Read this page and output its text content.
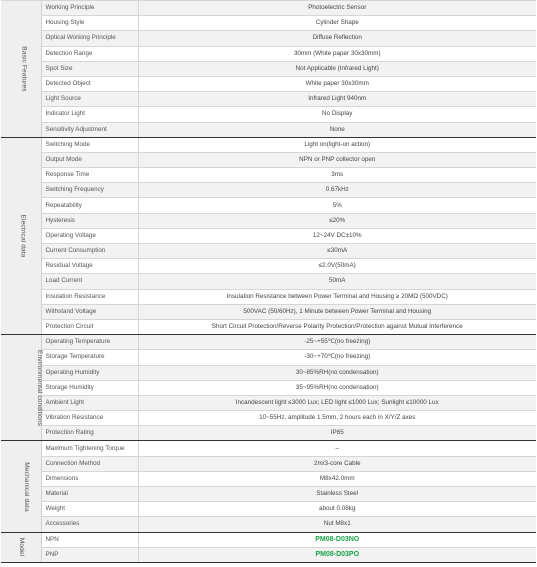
Basic Features	Working Principle	Photoelectric Sensor
	Housing Style	Cylinder Shape
	Optical Working Principle	Diffuse Reflection
	Detection Range	30mm (White paper 30x30mm)
	Spot Size	Not Applicable (Infrared Light)
	Detected Object	White paper 30x30mm
	Light Source	Infrared Light 940nm
	Indicator Light	No Display
	Sensitivity Adjustment	None
Electrical data	Switching Mode	Light on(light-on action)
	Output Mode	NPN or PNP collector open
	Response Time	3ms
	Switching Frequency	0.67kHz
	Repeatability	5%
	Hysteresis	≤20%
	Operating Voltage	12~24V DC±10%
	Current Consumption	≤30mA
	Residual Voltage	≤2.0V(50mA)
	Load Current	50mA
	Insulation Resistance	Insulation Resistance between Power Terminal and Housing ≥ 20MΩ (500VDC)
	Withstand Voltage	500VAC (50/60Hz), 1 Minute between Power Terminal and Housing
	Protection Circuit	Short Circuit Protection/Reverse Polarity Protection/Protection against Mutual Interference
Environmental conditions	Operating Temperature	-25~+55℃(no freezing)
	Storage Temperature	-30~+70℃(no freezing)
	Operating Humidity	30~85%RH(no condensation)
	Storage Humidity	35~95%RH(no condensation)
	Ambient Light	Incandescent light ≤3000 Lux; LED light ≤1000 Lux; Sunlight ≤10000 Lux
	Vibration Resistance	10~55Hz, amplitude 1.5mm, 2 hours each in X/Y/Z axes
	Protection Rating	IP65
Mechanical data	Maximum Tightening Torque	–
	Connection Method	2m/3-core Cable
	Dimensions	M8x42.0mm
	Material	Stainless Steel
	Weight	about 0.08kg
	Accessories	Nut M8x1
Model	NPN	PM08-D03NO
	PNP	PM08-D03PO
